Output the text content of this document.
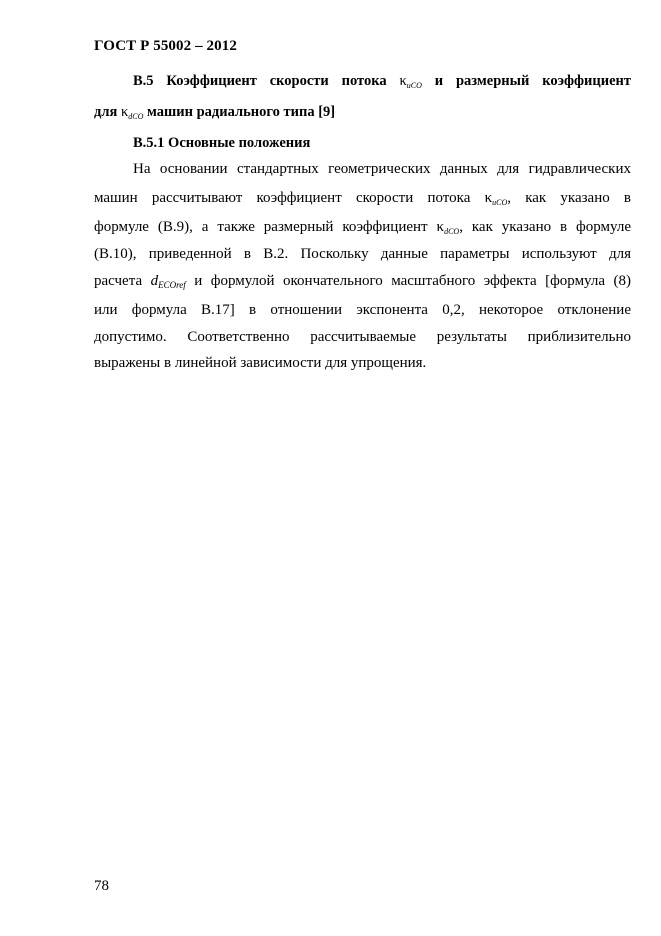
ГОСТ Р 55002 – 2012
В.5 Коэффициент скорости потока $\kappa_{uCO}$ и размерный коэффициент
для $\kappa_{dCO}$ машин радиального типа [9]
В.5.1 Основные положения
На основании стандартных геометрических данных для гидравлических
машин рассчитывают коэффициент скорости потока $\kappa_{uCO}$, как указано в
формуле (В.9), а также размерный коэффициент $\kappa_{dCO}$, как указано в формуле
(В.10), приведенной в В.2. Поскольку данные параметры используют для
расчета $d_{ECOref}$ и формулой окончательного масштабного эффекта [формула (8)
или формула В.17] в отношении экспонента 0,2, некоторое отклонение
допустимо. Соответственно рассчитываемые результаты приблизительно
выражены в линейной зависимости для упрощения.
78
